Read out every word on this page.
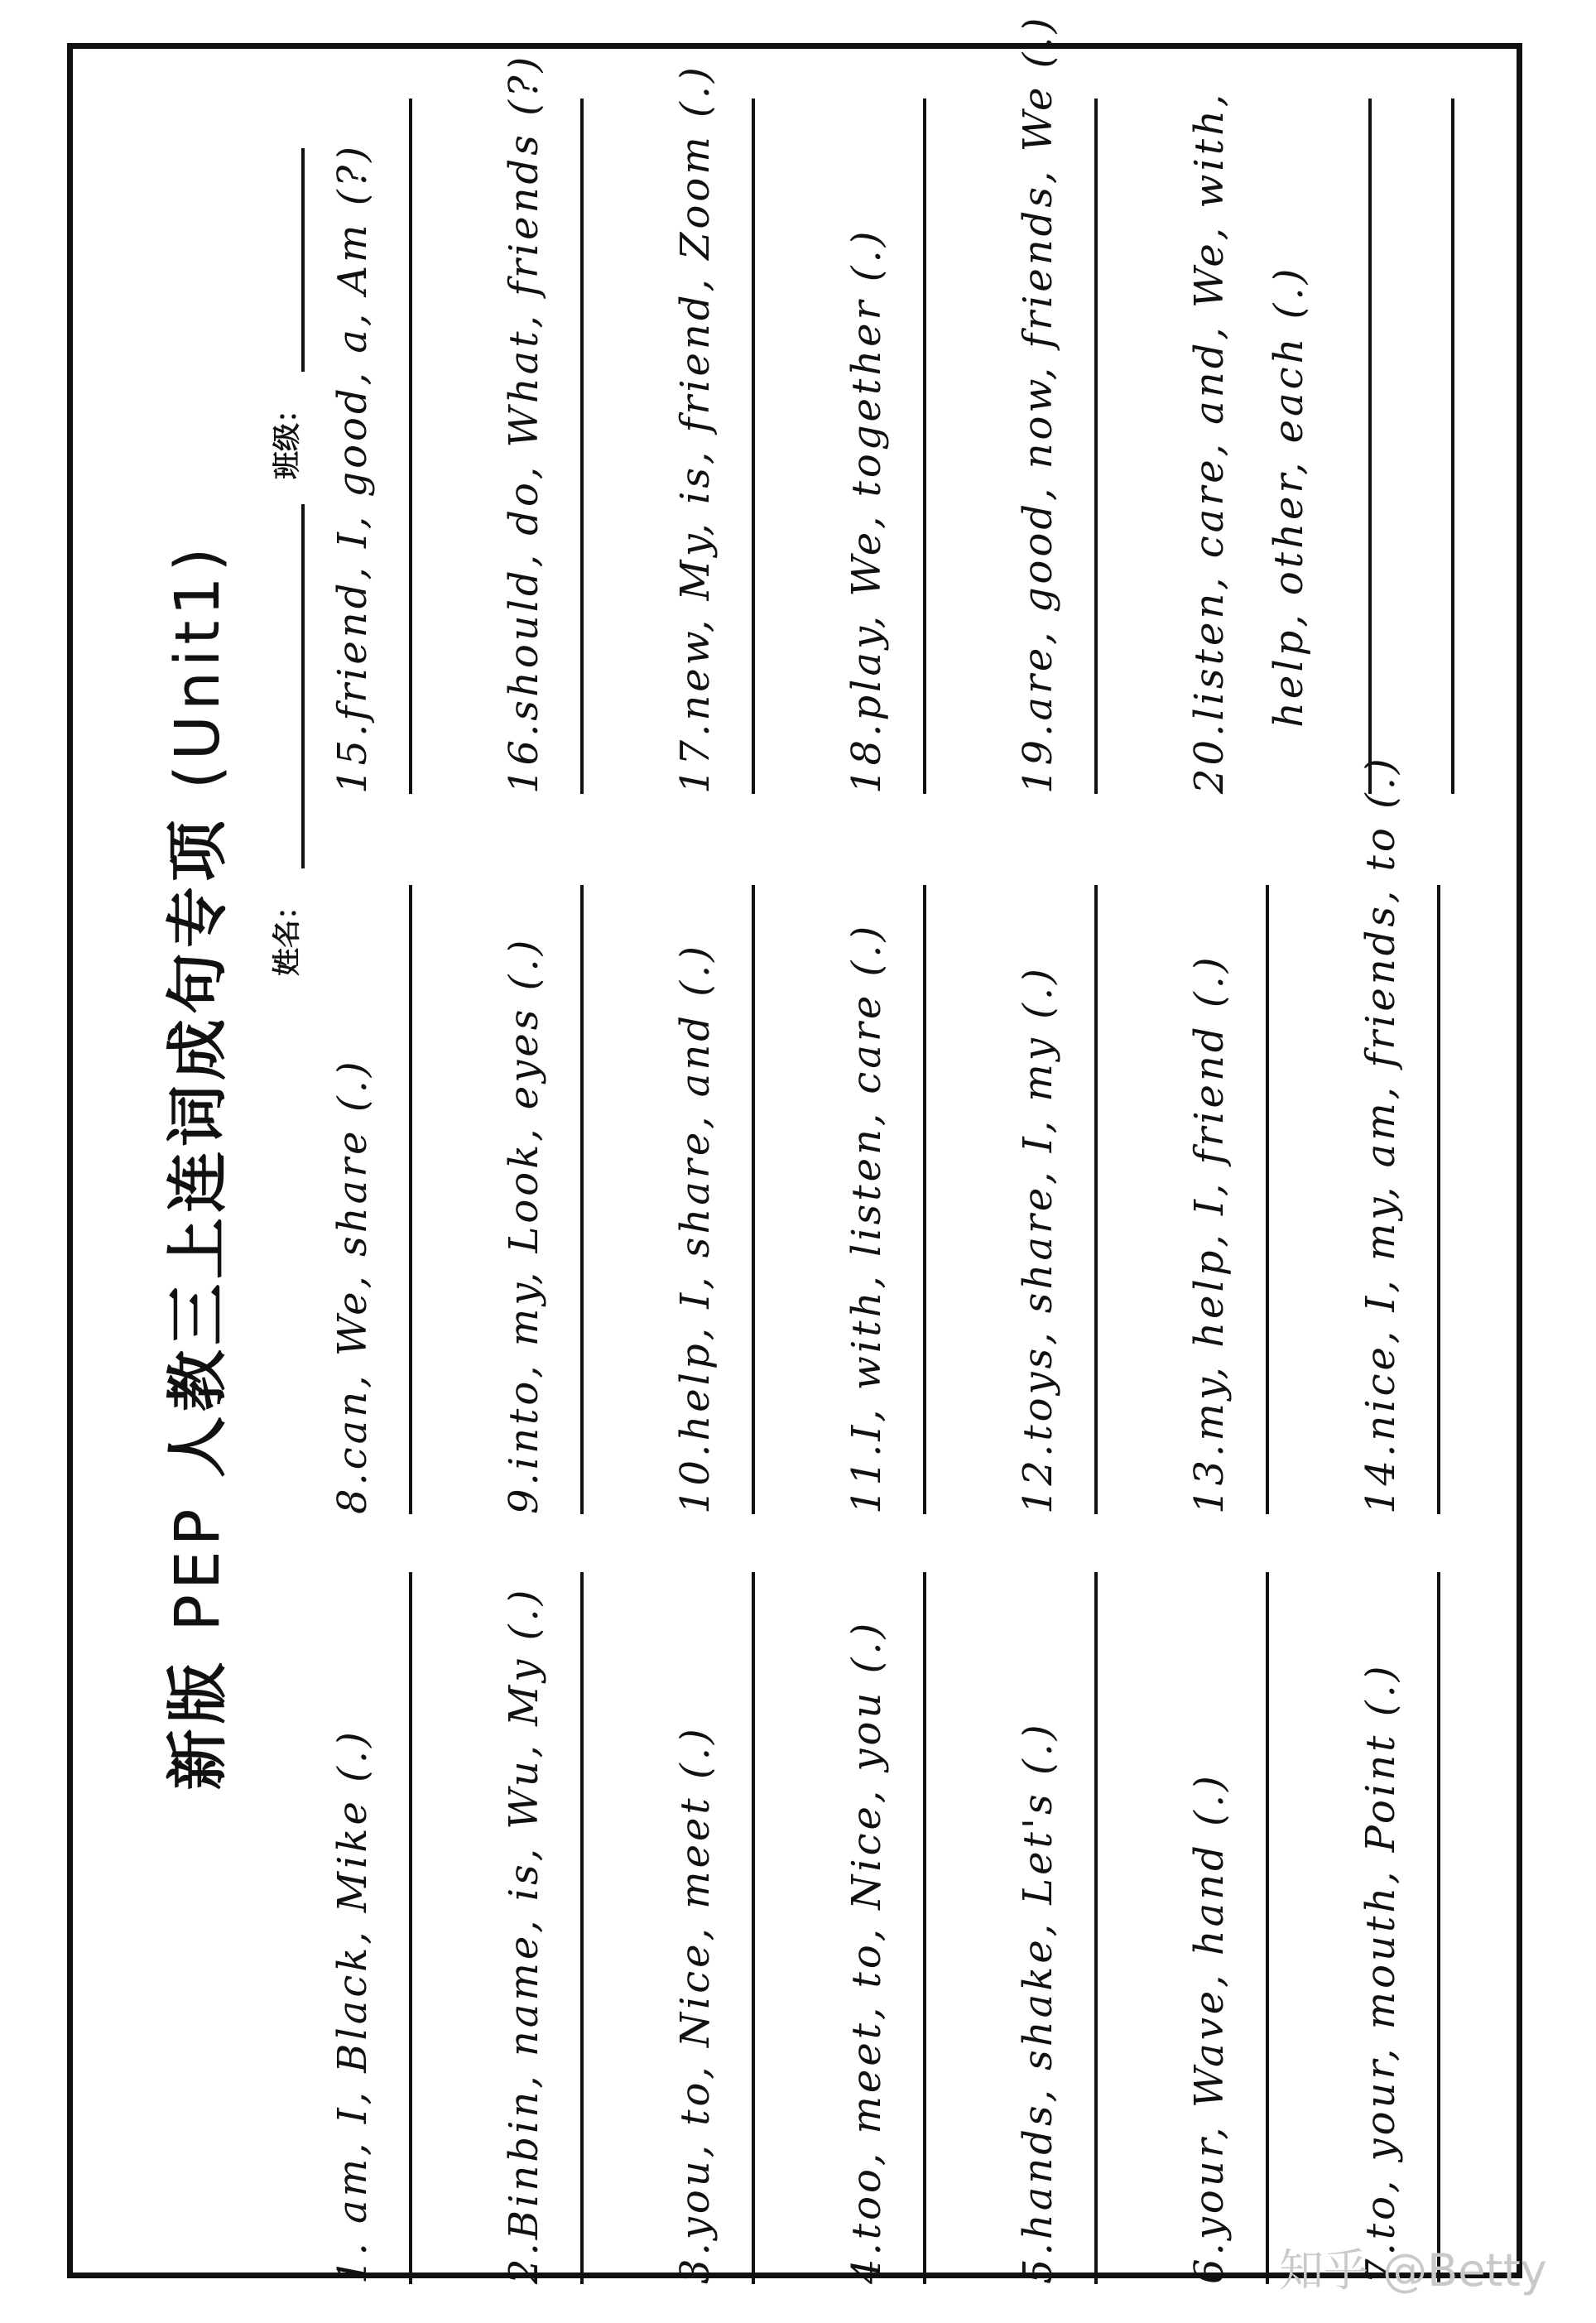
新版 PEP 人教三上连词成句专项 (Unit1)
姓名：
班级：
1. am, I, Black, Mike (.)	2.Binbin, name, is, Wu, My (.)	3.you, to, Nice, meet (.)	4.too, meet, to, Nice, you (.)	5.hands, shake, Let's (.)	6.your, Wave, hand (.)	7.to, your, mouth, Point (.)
8.can, We, share (.)	9.into, my, Look, eyes (.)	10.help, I, share, and (.)	11.I, with, listen, care (.)	12.toys, share, I, my (.)	13.my, help, I, friend (.)	14.nice, I, my, am, friends, to (.)
15.friend, I, good, a, Am (?)	16.should, do, What, friends (?)	17.new, My, is, friend, Zoom (.)	18.play, We, together (.)	19.are, good, now, friends, We (.)	20.listen, care, and, We, with, help, other, each (.)
知乎 @Betty
